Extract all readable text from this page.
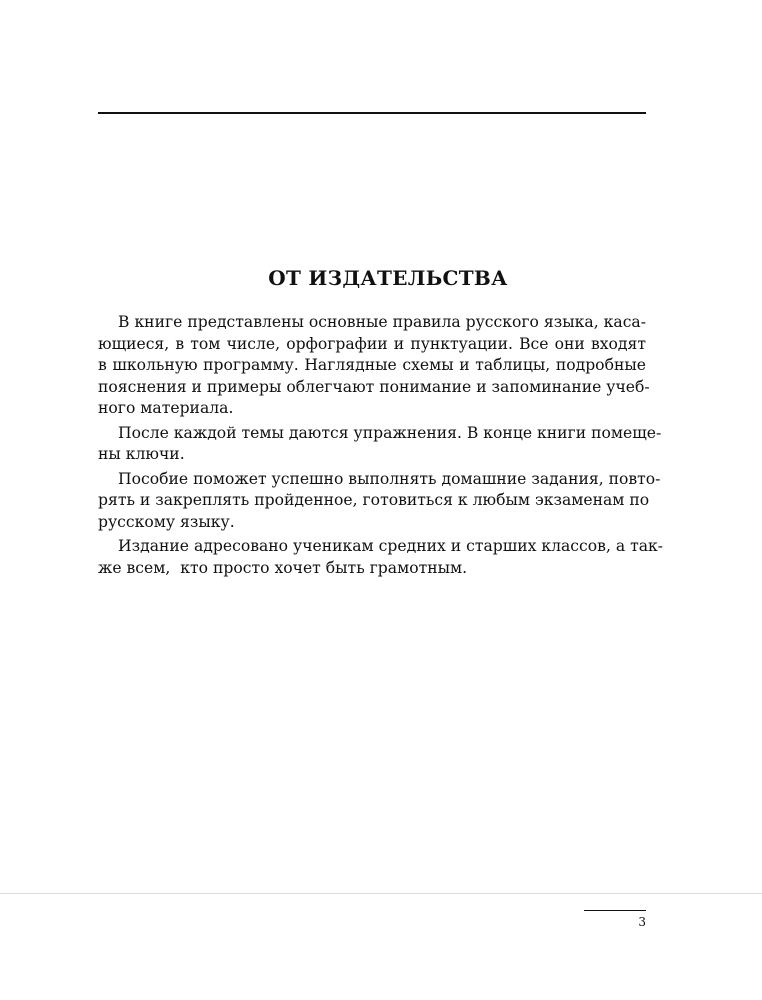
ОТ ИЗДАТЕЛЬСТВА

В книге представлены основные правила русского языка, каса-
ющиеся, в том числе, орфографии и пунктуации. Все они входят
в школьную программу. Наглядные схемы и таблицы, подробные
пояснения и примеры облегчают понимание и запоминание учеб-
ного материала.

После каждой темы даются упражнения. В конце книги помеще-
ны ключи.

Пособие поможет успешно выполнять домашние задания, повто-
рять и закреплять пройденное, готовиться к любым экзаменам по
русскому языку.

Издание адресовано ученикам средних и старших классов, а так-
же всем,  кто просто хочет быть грамотным.

3
